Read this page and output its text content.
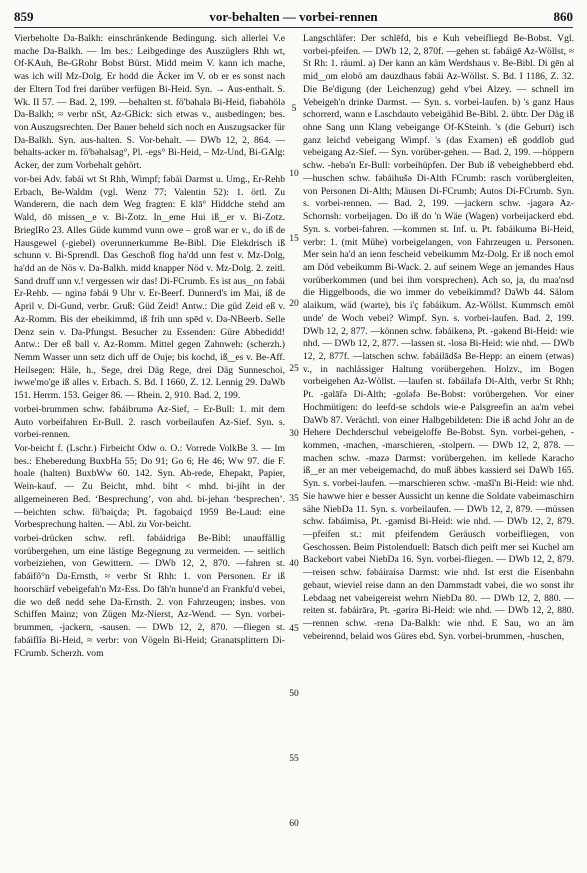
859	vor-behalten — vorbei-rennen	860

Vierbeholte Da-Balkh: einschränkende Bedingung. sich allerlei V.e mache Da-Balkh. — Im bes.: Leibgedinge des Auszüglers Rhh wt, Of-KAuh, Be-GRohr Bobst Bürst. Midd meim V. kann ich mache, was ich will Mz-Dolg. Er hodd die Äcker im V. ob er es sonst nach der Eltern Tod frei darüber verfügen Bi-Heid. Syn. → Aus-enthalt. S. Wk. II 57. — Bad. 2, 199. —behalten st. fö'bəhalə Bi-Heid, fiəbəhölə Da-Balkh; ≈ verbr nSt, Az-GBick: sich etwas v., ausbedingen; bes. von Auszugsrechten. Der Bauer beheld sich noch en Auszugsacker für Da-Balkh. Syn. aus-halten. S. Vor-behalt. — DWb 12, 2, 864. —behalts-acker m. fö'bəhalsag°, Pl. -egs° Bi-Heid, – Mz-Und, Bi-GAlg: Acker, der zum Vorbehalt gehört.

vor-bei Adv. fəbái wt St Rhh, Wimpf; fəbái Darmst u. Umg., Er-Rehb Erbach, Be-Waldm (vgl. Wenz 77; Valentin 52): 1. örtl. Zu Wanderern, die nach dem Weg fragten: E klā° Hiddche stehd am Wald, dō missen‿e v. Bi-Zotz. In‿eme Hui iß‿er v. Bi-Zotz. BrieglRo 23. Alles Güde kummd vunn owe – groß war er v., do iß de Hausgewel (-giebel) overunnerkumme Be-Bibl. Die Elekdrisch iß schunn v. Bi-Sprendl. Das Geschoß flog ha'dd unn fest v. Mz-Dolg, ha'dd an de Nös v. Da-Balkh. midd knapper Nöd v. Mz-Dolg. 2. zeitl. Sand druff unn v.! vergessen wir das! Di-FCrumb. Es ist aus‿on fəbái Er-Rehb. — nginə fəbái 9 Uhr v. Er-Beerf. Dunnerd's im Mai, iß de April v. Di-Gund, verbr. Gruß: Güd Zeid! Antw.: Die güd Zeid eß v. Az-Romm. Bis der ebeikimmd, iß frih unn spēd v. Da-NBeerb. Selle Denz sein v. Da-Pfungst. Besucher zu Essenden: Güre Abbedidd! Antw.: Der eß ball v. Az-Romm. Mittel gegen Zahnweh: (scherzh.) Nemm Wasser unn setz dich uff de Ouje; bis kochd, iß‿es v. Be-Aff. Heilsegen: Häle, h., Sege, drei Däg Rege, drei Däg Sunneschoi, iwwe'mo'ge iß alles v. Erbach. S. Bd. I 1660, Z. 12. Lennig 29. DaWb 151. Herrm. 153. Geiger 86. — Rhein. 2, 910. Bad. 2, 199.

vorbei-brummen schw. fəbáibrumə Az-Sief, – Er-Bull: 1. mit dem Auto vorbeifahren Er-Bull. 2. rasch vorbeilaufen Az-Sief. Syn. s. vorbei-rennen.

Vor-beicht f. (Lschr.) Firbeicht Odw o. O.: Vorrede VolkBe 3. — Im bes.: Eheberedung BuxbHa 55; Do 91; Go 6; He 46; Ww 97. die F. hoale (halten) BuxbWw 60. 142. Syn. Ab-rede, Ehepakt, Papier, Wein-kauf. — Zu Beicht, mhd. biht < mhd. bi-jiht in der allgemeineren Bed. ‘Besprechung’, von ahd. bi-jehan ‘besprechen’. —beichten schw. fö'bəiçdə; Pt. fəgobaiçd 1959 Be-Laud: eine Vorbesprechung halten. — Abl. zu Vor-beicht.

vorbei-drücken schw. refl. fəbáidrigə Be-Bibl: unauffällig vorübergehen, um eine lästige Begegnung zu vermeiden. — seitlich vorbeiziehen, von Gewittern. — DWb 12, 2, 870. —fahren st. fəbáifô°n Da-Ernsth, ≈ verbr St Rhh: 1. von Personen. Er iß hoorschärf vebeigefah'n Mz-Ess. Do fāh'n hunne'd an Frankfu'd vebei, die wo deß nedd sehe Da-Ernsth. 2. von Fahrzeugen; insbes. von Schiffen Mainz; von Zügen Mz-Nierst, Az-Wend. — Syn. vorbei-brummen, -jackern, -sausen. — DWb 12, 2, 870. —fliegen st. fəbáiflîə Bi-Heid, ≈ verbr: von Vögeln Bi-Heid; Granatsplittern Di-FCrumb. Scherzh. vom

5
10
15
20
25
30
35
40
45
50
55
60

Langschläfer: Der schlēfd, bis e Kuh vebeifliegd Be-Bobst. Vgl. vorbei-pfeifen. — DWb 12, 2, 870f. —gehen st. fəbáigē Az-Wöllst, ≈ St Rh: 1. räuml. a) Der kann an käm Werdshaus v. Be-Bibl. Di gēn al mid‿om elobö am dəuzdhaus fəbái Az-Wöllst. S. Bd. I 1186, Z. 32. Die Be'digung (der Leichenzug) gehd v'bei Alzey. — schnell im Vebeigeh'n drinke Darmst. — Syn. s. vorbei-laufen. b) 's ganz Haus schorrerd, wann e Laschdauto vebeigähid Be-Bibl. 2. übtr. Der Däg iß ohne Sang unn Klang vebeigange Of-KSteinh. 's (die Geburt) isch ganz leichd vebeigang Wimpf. 's (das Examen) eß goddlob gud vebeigang Az-Sief. — Syn. vorüber-gehen. — Bad. 2, 199. —höppern schw. -hebə'n Er-Bull: vorbeihüpfen. Der Bub iß vebeighebberd ebd. —huschen schw. fəbáihušə Di-Alth FCrumb: rasch vorübergleiten, von Personen Di-Alth; Mäusen Di-FCrumb; Autos Di-FCrumb. Syn. s. vorbei-rennen. — Bad. 2, 199. —jackern schw. -jagərə Az-Schornsh: vorbeijagen. Do iß do 'n Wäe (Wagen) vorbeijackerd ebd. Syn. s. vorbei-fahren. —kommen st. Inf. u. Pt. fəbáikumə Bi-Heid, verbr: 1. (mit Mühe) vorbeigelangen, von Fahrzeugen u. Personen. Mer sein ha'd an ienn fescheid vebeikumm Mz-Dolg. Er iß noch emol am Död vebeikumm Bi-Wack. 2. auf seinem Wege an jemandes Haus vorüberkommen (und bei ihm vorsprechen). Ach so, ja, du maa'nsd die Higgelboods, die wo immer do vebeikimmd? DaWb 44. Sälom alaikum, wäd (warte), bis i'ç fəbáikum. Az-Wöllst. Kummsch emōl unde' de Woch vebei? Wimpf. Syn. s. vorbei-laufen. Bad. 2, 199. DWb 12, 2, 877. —können schw. fəbáikenə, Pt. -gəkend Bi-Heid: wie nhd. — DWb 12, 2, 877. —lassen st. -losə Bi-Heid: wie nhd. — DWb 12, 2, 877f. —latschen schw. fəbáilādšə Be-Hepp: an einem (etwas) v., in nachlässiger Haltung vorübergehen. Holzv., im Bogen vorbeigehen Az-Wöllst. —laufen st. fəbáilafə Di-Alth, verbr St Rhh; Pt. -gəlāfə Di-Alth; -goləfə Be-Bobst: vorübergehen. Vor einer Hochmütigen: do leefd-se schdols wie-e Palsgreefin an aa'm vebei DaWb 87. Verächtl. von einer Halbgebildeten: Die iß achd Johr an de Hehere Dechderschul vebeigeloffe Be-Bobst. Syn. vorbei-gehen, -kommen, -machen, -marschieren, -stolpern. — DWb 12, 2, 878. —machen schw. -mazə Darmst: vorübergehen. im kellede Karacho iß‿er an mer vebeigemachd, do muß äbbes kassierd sei DaWb 165. Syn. s. vorbei-laufen. —marschieren schw. -mašî'n Bi-Heid: wie nhd. Sie hawwe hier e besser Aussicht un kenne die Soldate vabeimaschirn sähe NiebDa 11. Syn. s. vorbeilaufen. — DWb 12, 2, 879. —müssen schw. fəbáimisə, Pt. -gəmisd Bi-Heid: wie nhd. — DWb 12, 2, 879. —pfeifen st.: mit pfeifendem Geräusch vorbeifliegen, von Geschossen. Beim Pistolenduell: Batsch dich peift mer sei Kuchel am Backebort vabei NiebDa 16. Syn. vorbei-fliegen. — DWb 12, 2, 879. —reisen schw. fəbáiraisə Darmst: wie nhd. Ist erst die Eisenbahn gebaut, wieviel reise dann an den Dammstadt vabei, die wo sonst ihr Lebdaag net vabeigereist wehrn NiebDa 80. — DWb 12, 2, 880. —reiten st. fəbáirārə, Pt. -gərirə Bi-Heid: wie nhd. — DWb 12, 2, 880. —rennen schw. -renə Da-Balkh: wie nhd. E Sau, wo an äm vebeirennd, belaid wos Güres ebd. Syn. vorbei-brummen, -huschen,
